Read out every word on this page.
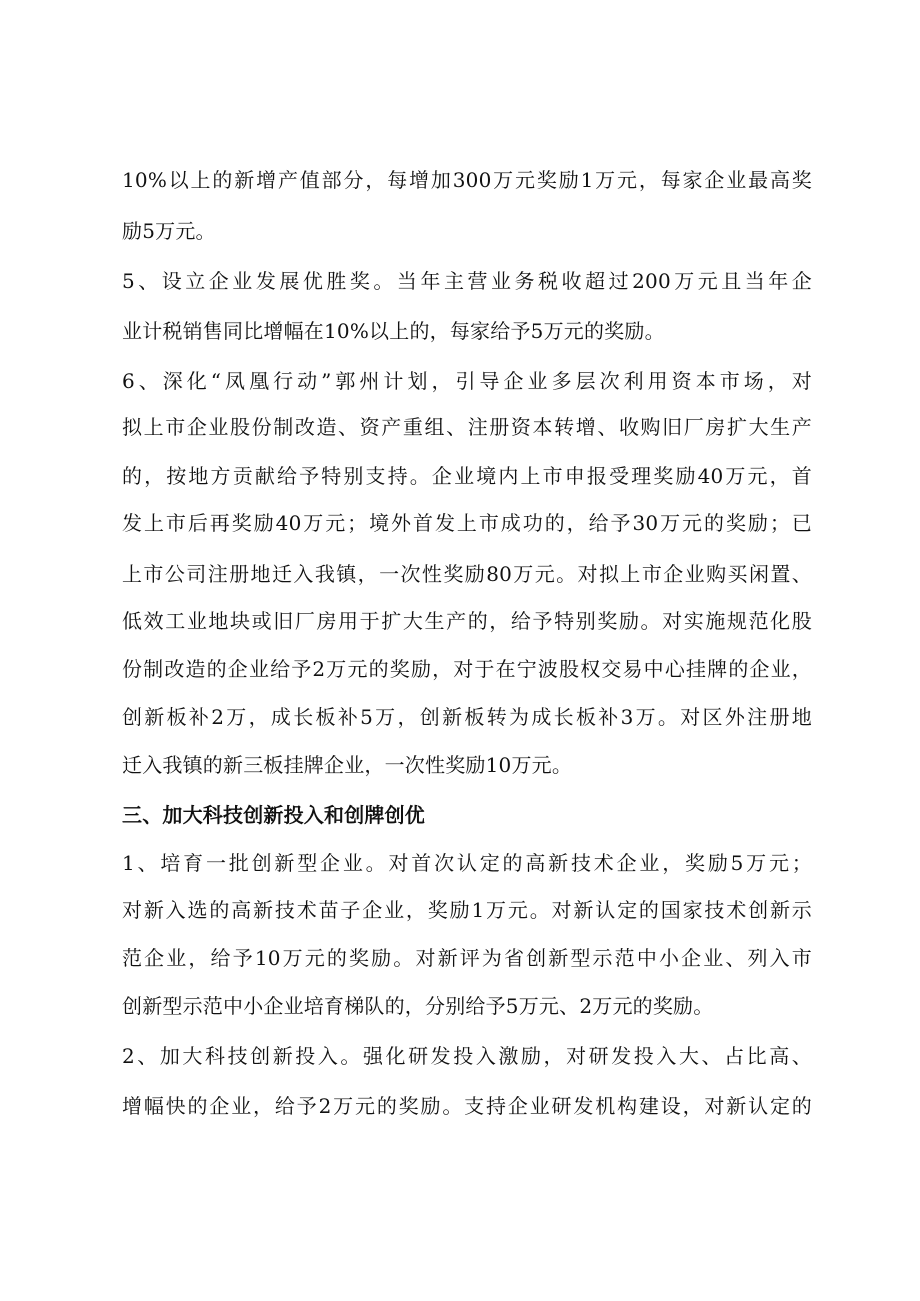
10%以上的新增产值部分，每增加300万元奖励1万元，每家企业最高奖
励5万元。
5、设立企业发展优胜奖。当年主营业务税收超过200万元且当年企
业计税销售同比增幅在10%以上的，每家给予5万元的奖励。
6、深化“凤凰行动”郭州计划，引导企业多层次利用资本市场，对
拟上市企业股份制改造、资产重组、注册资本转增、收购旧厂房扩大生产
的，按地方贡献给予特别支持。企业境内上市申报受理奖励40万元，首
发上市后再奖励40万元；境外首发上市成功的，给予30万元的奖励；已
上市公司注册地迁入我镇，一次性奖励80万元。对拟上市企业购买闲置、
低效工业地块或旧厂房用于扩大生产的，给予特别奖励。对实施规范化股
份制改造的企业给予2万元的奖励，对于在宁波股权交易中心挂牌的企业，
创新板补2万，成长板补5万，创新板转为成长板补3万。对区外注册地
迁入我镇的新三板挂牌企业，一次性奖励10万元。
三、加大科技创新投入和创牌创优
1、培育一批创新型企业。对首次认定的高新技术企业，奖励5万元；
对新入选的高新技术苗子企业，奖励1万元。对新认定的国家技术创新示
范企业，给予10万元的奖励。对新评为省创新型示范中小企业、列入市
创新型示范中小企业培育梯队的，分别给予5万元、2万元的奖励。
2、加大科技创新投入。强化研发投入激励，对研发投入大、占比高、
增幅快的企业，给予2万元的奖励。支持企业研发机构建设，对新认定的
